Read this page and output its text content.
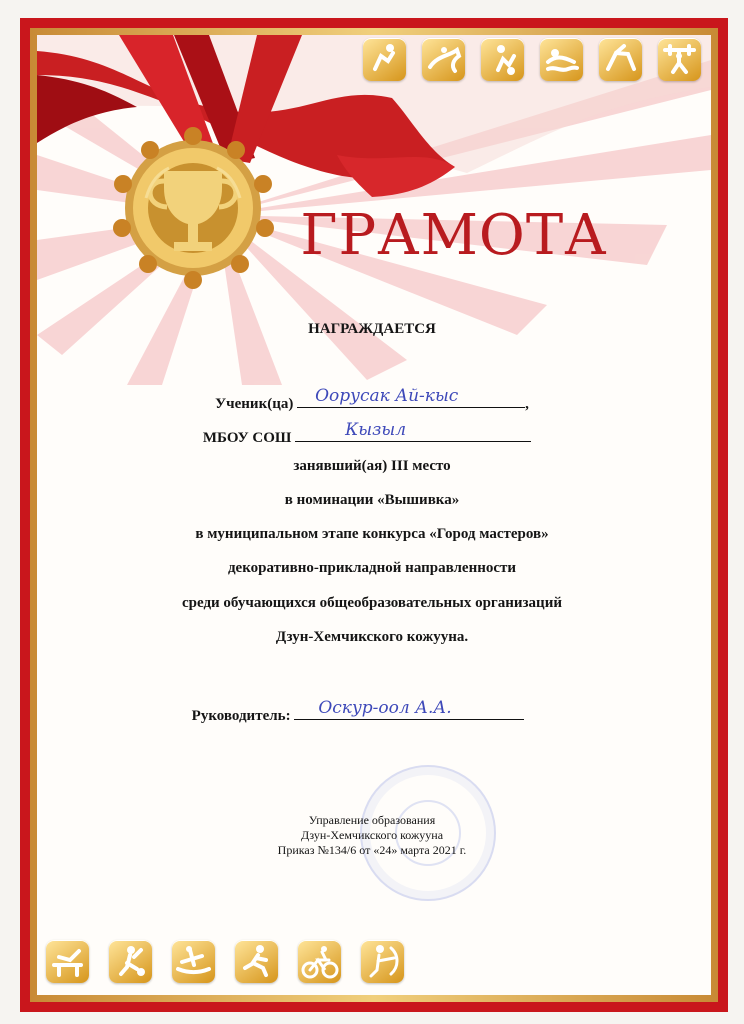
ГРАМОТА
НАГРАЖДАЕТСЯ
Ученик(ца) Оорусак Ай-кыс	,
МБОУ СОШ	Кызыл
занявший(ая) III место
в номинации «Вышивка»
в муниципальном этапе конкурса «Город мастеров»
декоративно-прикладной направленности
среди обучающихся общеобразовательных организаций
Дзун-Хемчикского кожууна.
Руководитель: Оскур-оол А.А.
Управление образования
Дзун-Хемчикского кожууна
Приказ №134/6 от «24» марта 2021 г.
